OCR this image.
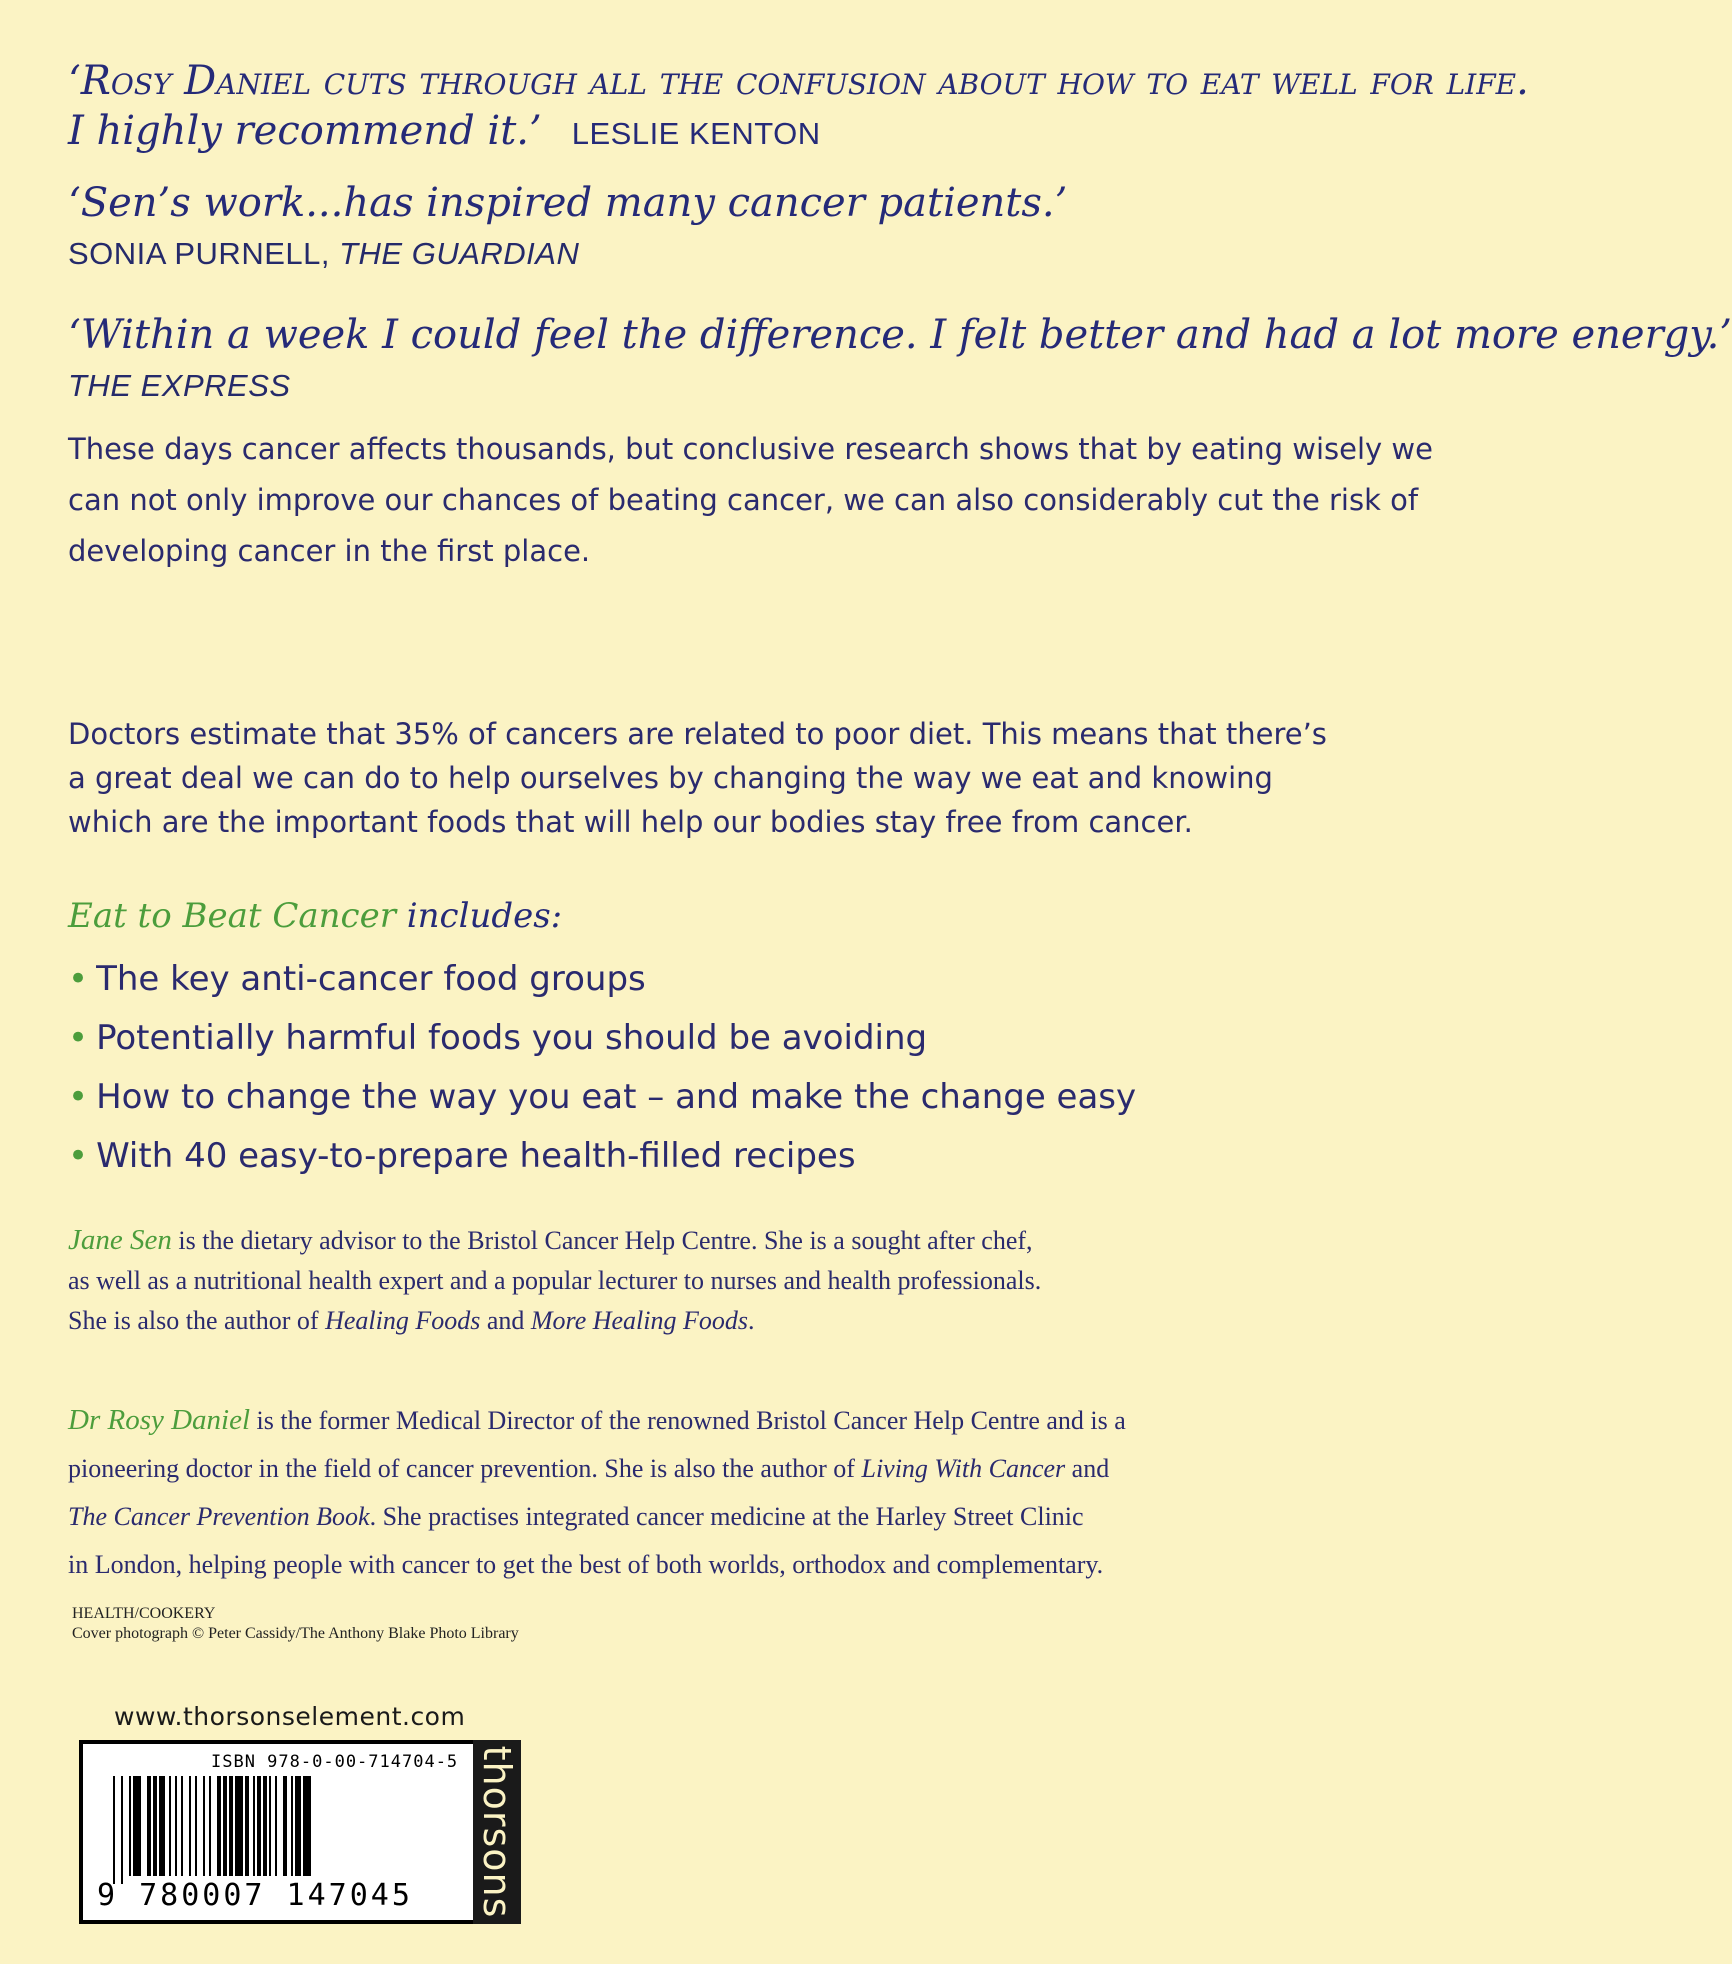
‘Rosy Daniel cuts through all the confusion about how to eat well for life.
I highly recommend it.’ LESLIE KENTON
‘Sen’s work...has inspired many cancer patients.’
SONIA PURNELL, THE GUARDIAN
‘Within a week I could feel the difference. I felt better and had a lot more energy.’
THE EXPRESS
These days cancer affects thousands, but conclusive research shows that by eating wisely we
can not only improve our chances of beating cancer, we can also considerably cut the risk of
developing cancer in the first place.
Doctors estimate that 35% of cancers are related to poor diet. This means that there’s
a great deal we can do to help ourselves by changing the way we eat and knowing
which are the important foods that will help our bodies stay free from cancer.
Eat to Beat Cancer includes:
• The key anti-cancer food groups
• Potentially harmful foods you should be avoiding
• How to change the way you eat – and make the change easy
• With 40 easy-to-prepare health-filled recipes
Jane Sen is the dietary advisor to the Bristol Cancer Help Centre. She is a sought after chef,
as well as a nutritional health expert and a popular lecturer to nurses and health professionals.
She is also the author of Healing Foods and More Healing Foods.
Dr Rosy Daniel is the former Medical Director of the renowned Bristol Cancer Help Centre and is a
pioneering doctor in the field of cancer prevention. She is also the author of Living With Cancer and
The Cancer Prevention Book. She practises integrated cancer medicine at the Harley Street Clinic
in London, helping people with cancer to get the best of both worlds, orthodox and complementary.
HEALTH/COOKERY
Cover photograph © Peter Cassidy/The Anthony Blake Photo Library
www.thorsonselement.com
ISBN 978-0-00-714704-5
9 780007 147045 thorsons
